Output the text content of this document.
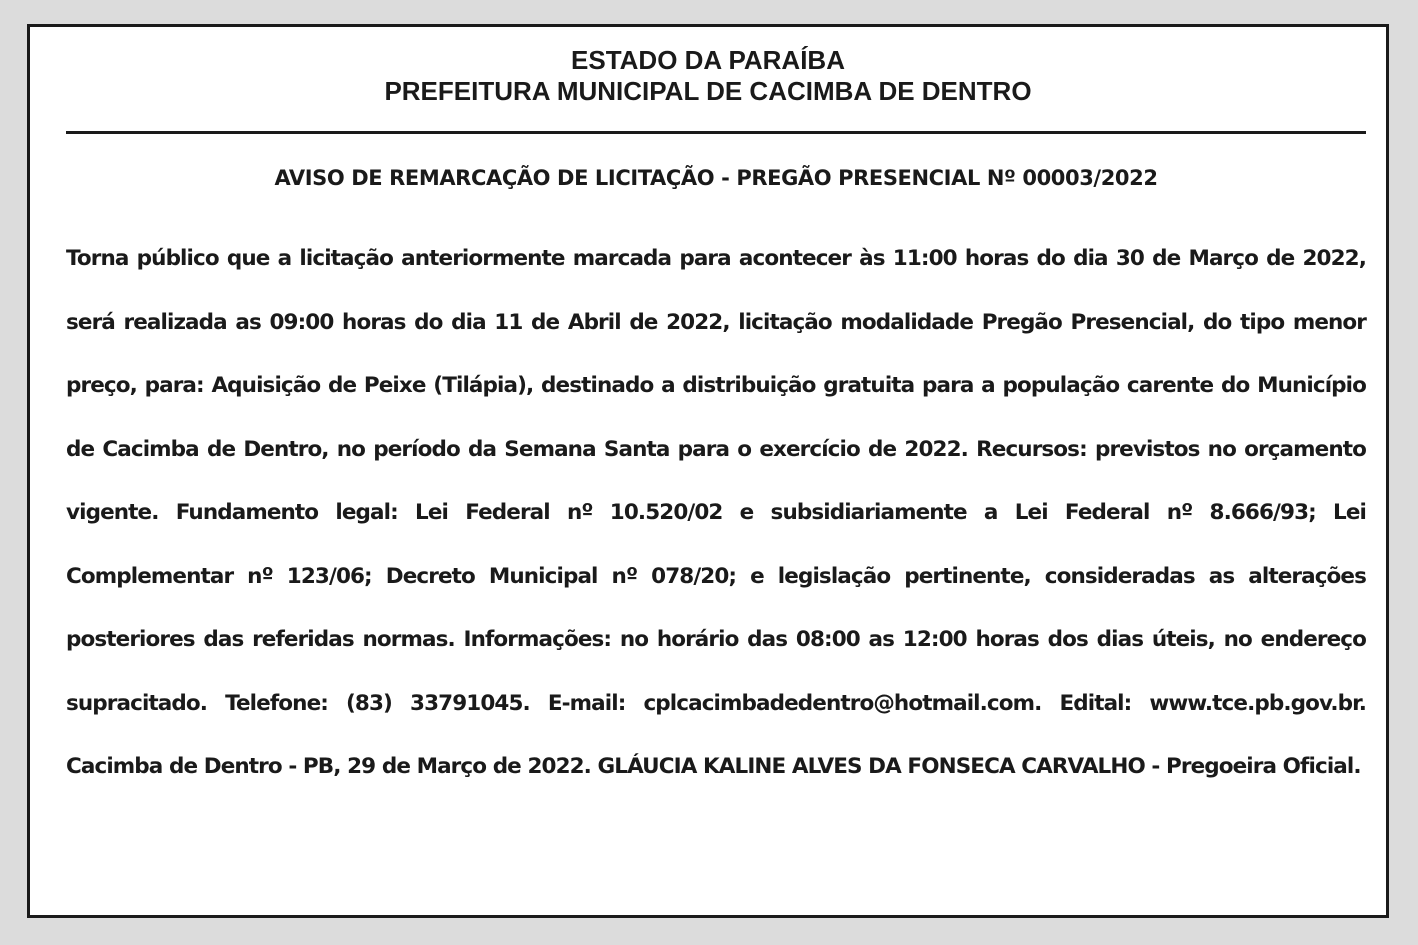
ESTADO DA PARAÍBA
PREFEITURA MUNICIPAL DE CACIMBA DE DENTRO
AVISO DE REMARCAÇÃO DE LICITAÇÃO - PREGÃO PRESENCIAL Nº 00003/2022

Torna público que a licitação anteriormente marcada para acontecer às 11:00 horas do dia 30 de Março de 2022, será realizada as 09:00 horas do dia 11 de Abril de 2022, licitação modalidade Pregão Presencial, do tipo menor preço, para: Aquisição de Peixe (Tilápia), destinado a distribuição gratuita para a população carente do Município de Cacimba de Dentro, no período da Semana Santa para o exercício de 2022. Recursos: previstos no orçamento vigente. Fundamento legal: Lei Federal nº 10.520/02 e subsidiariamente a Lei Federal nº 8.666/93; Lei Complementar nº 123/06; Decreto Municipal nº 078/20; e legislação pertinente, consideradas as alterações posteriores das referidas normas. Informações: no horário das 08:00 as 12:00 horas dos dias úteis, no endereço supracitado. Telefone: (83) 33791045. E-mail: cplcacimbadedentro@hotmail.com. Edital: www.tce.pb.gov.br. Cacimba de Dentro - PB, 29 de Março de 2022. GLÁUCIA KALINE ALVES DA FONSECA CARVALHO - Pregoeira Oficial.
